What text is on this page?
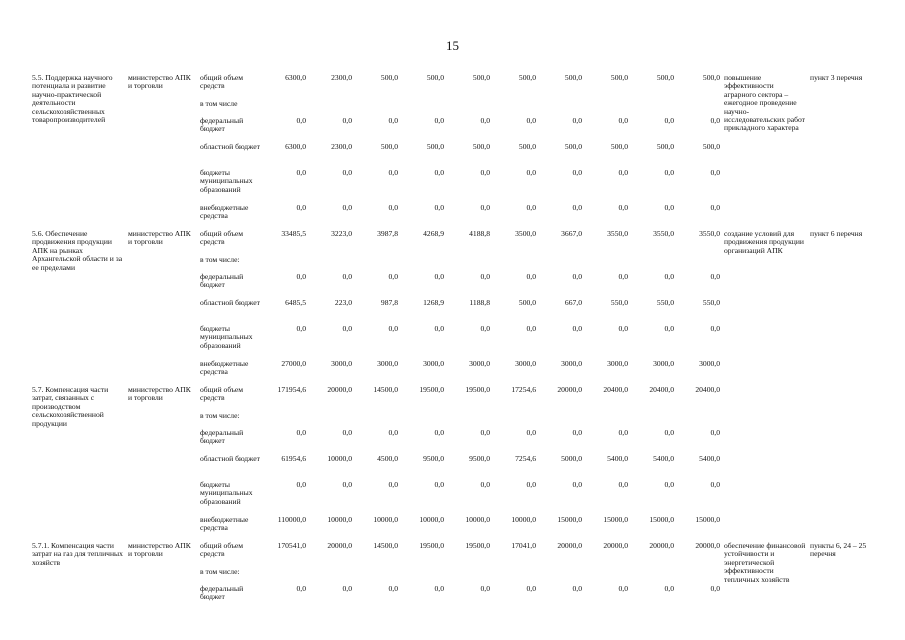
15
5.5. Поддержка научного потенциала и развитие научно-практической деятельности сельскохозяйственных товаропроизводителей	министерство АПК и торговли	общий объем средств	6300,0	2300,0	500,0	500,0	500,0	500,0	500,0	500,0	500,0	500,0	повышение эффективности аграрного сектора – ежегодное проведение научно-исследовательских работ прикладного характера	пункт 3 перечня
		в том числе												
		федеральный бюджет	0,0	0,0	0,0	0,0	0,0	0,0	0,0	0,0	0,0	0,0		
		областной бюджет	6300,0	2300,0	500,0	500,0	500,0	500,0	500,0	500,0	500,0	500,0		
		бюджеты муниципальных образований	0,0	0,0	0,0	0,0	0,0	0,0	0,0	0,0	0,0	0,0		
		внебюджетные средства	0,0	0,0	0,0	0,0	0,0	0,0	0,0	0,0	0,0	0,0		
5.6. Обеспечение продвижения продукции АПК на рынках Архангельской области и за ее пределами	министерство АПК и торговли	общий объем средств	33485,5	3223,0	3987,8	4268,9	4188,8	3500,0	3667,0	3550,0	3550,0	3550,0	создание условий для продвижения продукции организаций АПК	пункт 6 перечня
		в том числе:												
		федеральный бюджет	0,0	0,0	0,0	0,0	0,0	0,0	0,0	0,0	0,0	0,0		
		областной бюджет	6485,5	223,0	987,8	1268,9	1188,8	500,0	667,0	550,0	550,0	550,0		
		бюджеты муниципальных образований	0,0	0,0	0,0	0,0	0,0	0,0	0,0	0,0	0,0	0,0		
		внебюджетные средства	27000,0	3000,0	3000,0	3000,0	3000,0	3000,0	3000,0	3000,0	3000,0	3000,0		
5.7. Компенсация части затрат, связанных с производством сельскохозяйственной продукции	министерство АПК и торговли	общий объем средств	171954,6	20000,0	14500,0	19500,0	19500,0	17254,6	20000,0	20400,0	20400,0	20400,0		
		в том числе:												
		федеральный бюджет	0,0	0,0	0,0	0,0	0,0	0,0	0,0	0,0	0,0	0,0		
		областной бюджет	61954,6	10000,0	4500,0	9500,0	9500,0	7254,6	5000,0	5400,0	5400,0	5400,0		
		бюджеты муниципальных образований	0,0	0,0	0,0	0,0	0,0	0,0	0,0	0,0	0,0	0,0		
		внебюджетные средства	110000,0	10000,0	10000,0	10000,0	10000,0	10000,0	15000,0	15000,0	15000,0	15000,0		
5.7.1. Компенсация части затрат на газ для тепличных хозяйств	министерство АПК и торговли	общий объем средств	170541,0	20000,0	14500,0	19500,0	19500,0	17041,0	20000,0	20000,0	20000,0	20000,0	обеспечение финансовой устойчивости и энергетической эффективности тепличных хозяйств	пункты 6, 24 – 25 перечня
		в том числе:												
		федеральный бюджет	0,0	0,0	0,0	0,0	0,0	0,0	0,0	0,0	0,0	0,0		
